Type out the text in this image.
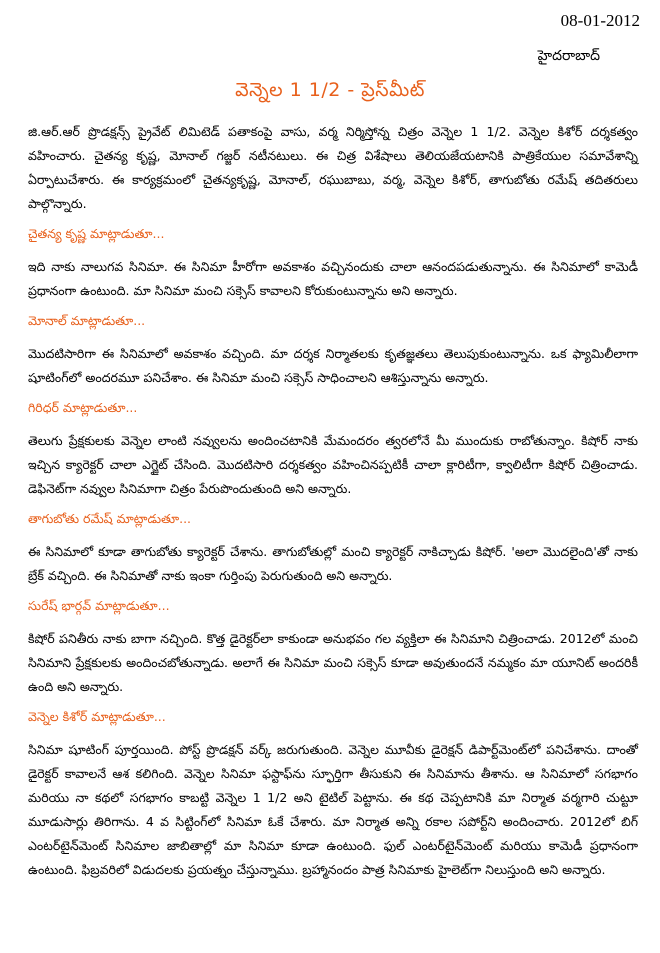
08-01-2012
హైదరాబాద్
వెన్నెల 1 1/2 - ప్రెస్‌మీట్

జి.ఆర్.ఆర్ ప్రొడక్షన్స్ ప్రైవేట్ లిమిటెడ్ పతాకంపై వాసు, వర్మ నిర్మిస్తోన్న చిత్రం వెన్నెల 1 1/2. వెన్నెల కిశోర్ దర్శకత్వం వహించారు. చైతన్య కృష్ణ, మోనాల్ గజ్జర్ నటీనటులు. ఈ చిత్ర విశేషాలు తెలియజేయటానికి పాత్రికేయుల సమావేశాన్ని ఏర్పాటుచేశారు. ఈ కార్యక్రమంలో చైతన్యకృష్ణ, మోనాల్, రఘుబాబు, వర్మ, వెన్నెల కిశోర్, తాగుబోతు రమేష్ తదితరులు పాల్గొన్నారు.

చైతన్య కృష్ణ మాట్లాడుతూ...

ఇది నాకు నాలుగవ సినిమా. ఈ సినిమా హీరోగా అవకాశం వచ్చినందుకు చాలా ఆనందపడుతున్నాను. ఈ సినిమాలో కామెడీ ప్రధానంగా ఉంటుంది. మా సినిమా మంచి సక్సెస్ కావాలని కోరుకుంటున్నాను అని అన్నారు.

మోనాల్ మాట్లాడుతూ...

మొదటిసారిగా ఈ సినిమాలో అవకాశం వచ్చింది. మా దర్శక నిర్మాతలకు కృతజ్ఞతలు తెలుపుకుంటున్నాను. ఒక ఫ్యామిలీలాగా షూటింగ్‌లో అందరమూ పనిచేశాం. ఈ సినిమా మంచి సక్సెస్ సాధించాలని ఆశిస్తున్నాను అన్నారు.

గిరిధర్ మాట్లాడుతూ...

తెలుగు ప్రేక్షకులకు వెన్నెల లాంటి నవ్వులను అందించటానికి మేమందరం త్వరలోనే మీ ముందుకు రాబోతున్నాం. కిషోర్ నాకు ఇచ్చిన క్యారెక్టర్ చాలా ఎగ్జైట్ చేసింది. మొదటిసారి దర్శకత్వం వహించినప్పటికీ చాలా క్లారిటీగా, క్వాలిటీగా కిషోర్ చిత్రించాడు. డెఫినెట్‌గా నవ్వుల సినిమాగా చిత్రం పేరుపొందుతుంది అని అన్నారు.

తాగుబోతు రమేష్ మాట్లాడుతూ...

ఈ సినిమాలో కూడా తాగుబోతు క్యారెక్టర్ చేశాను. తాగుబోతుల్లో మంచి క్యారెక్టర్ నాకిచ్చాడు కిషోర్. 'అలా మొదలైంది'తో నాకు బ్రేక్ వచ్చింది. ఈ సినిమాతో నాకు ఇంకా గుర్తింపు పెరుగుతుంది అని అన్నారు.

సురేష్ భార్గవ్ మాట్లాడుతూ...

కిషోర్ పనితీరు నాకు బాగా నచ్చింది. కొత్త డైరెక్టర్‌లా కాకుండా అనుభవం గల వ్యక్తిలా ఈ సినిమాని చిత్రించాడు. 2012లో మంచి సినిమాని ప్రేక్షకులకు అందించబోతున్నాడు. అలాగే ఈ సినిమా మంచి సక్సెస్ కూడా అవుతుందనే నమ్మకం మా యూనిట్ అందరికీ ఉంది అని అన్నారు.

వెన్నెల కిశోర్ మాట్లాడుతూ...

సినిమా షూటింగ్ పూర్తయింది. పోస్ట్ ప్రొడక్షన్ వర్క్ జరుగుతుంది. వెన్నెల మూవీకు డైరెక్షన్ డిపార్ట్‌మెంట్‌లో పనిచేశాను. దాంతో డైరెక్టర్ కావాలనే ఆశ కలిగింది. వెన్నెల సినిమా ఫస్టాఫ్‌ను స్ఫూర్తిగా తీసుకుని ఈ సినిమాను తీశాను. ఆ సినిమాలో సగభాగం మరియు నా కథలో సగభాగం కాబట్టి వెన్నెల 1 1/2 అని టైటిల్ పెట్టాను. ఈ కథ చెప్పటానికి మా నిర్మాత వర్మగారి చుట్టూ మూడుసార్లు తిరిగాను. 4 వ సిట్టింగ్‌లో సినిమా ఓకే చేశారు. మా నిర్మాత అన్ని రకాల సపోర్ట్‌ని అందించారు. 2012లో బిగ్ ఎంటర్‌టైన్‌మెంట్ సినిమాల జాబితాల్లో మా సినిమా కూడా ఉంటుంది. ఫుల్ ఎంటర్‌టైన్‌మెంట్ మరియు కామెడీ ప్రధానంగా ఉంటుంది. ఫిబ్రవరిలో విడుదలకు ప్రయత్నం చేస్తున్నాము. బ్రహ్మానందం పాత్ర సినిమాకు హైలెట్‌గా నిలుస్తుంది అని అన్నారు.
